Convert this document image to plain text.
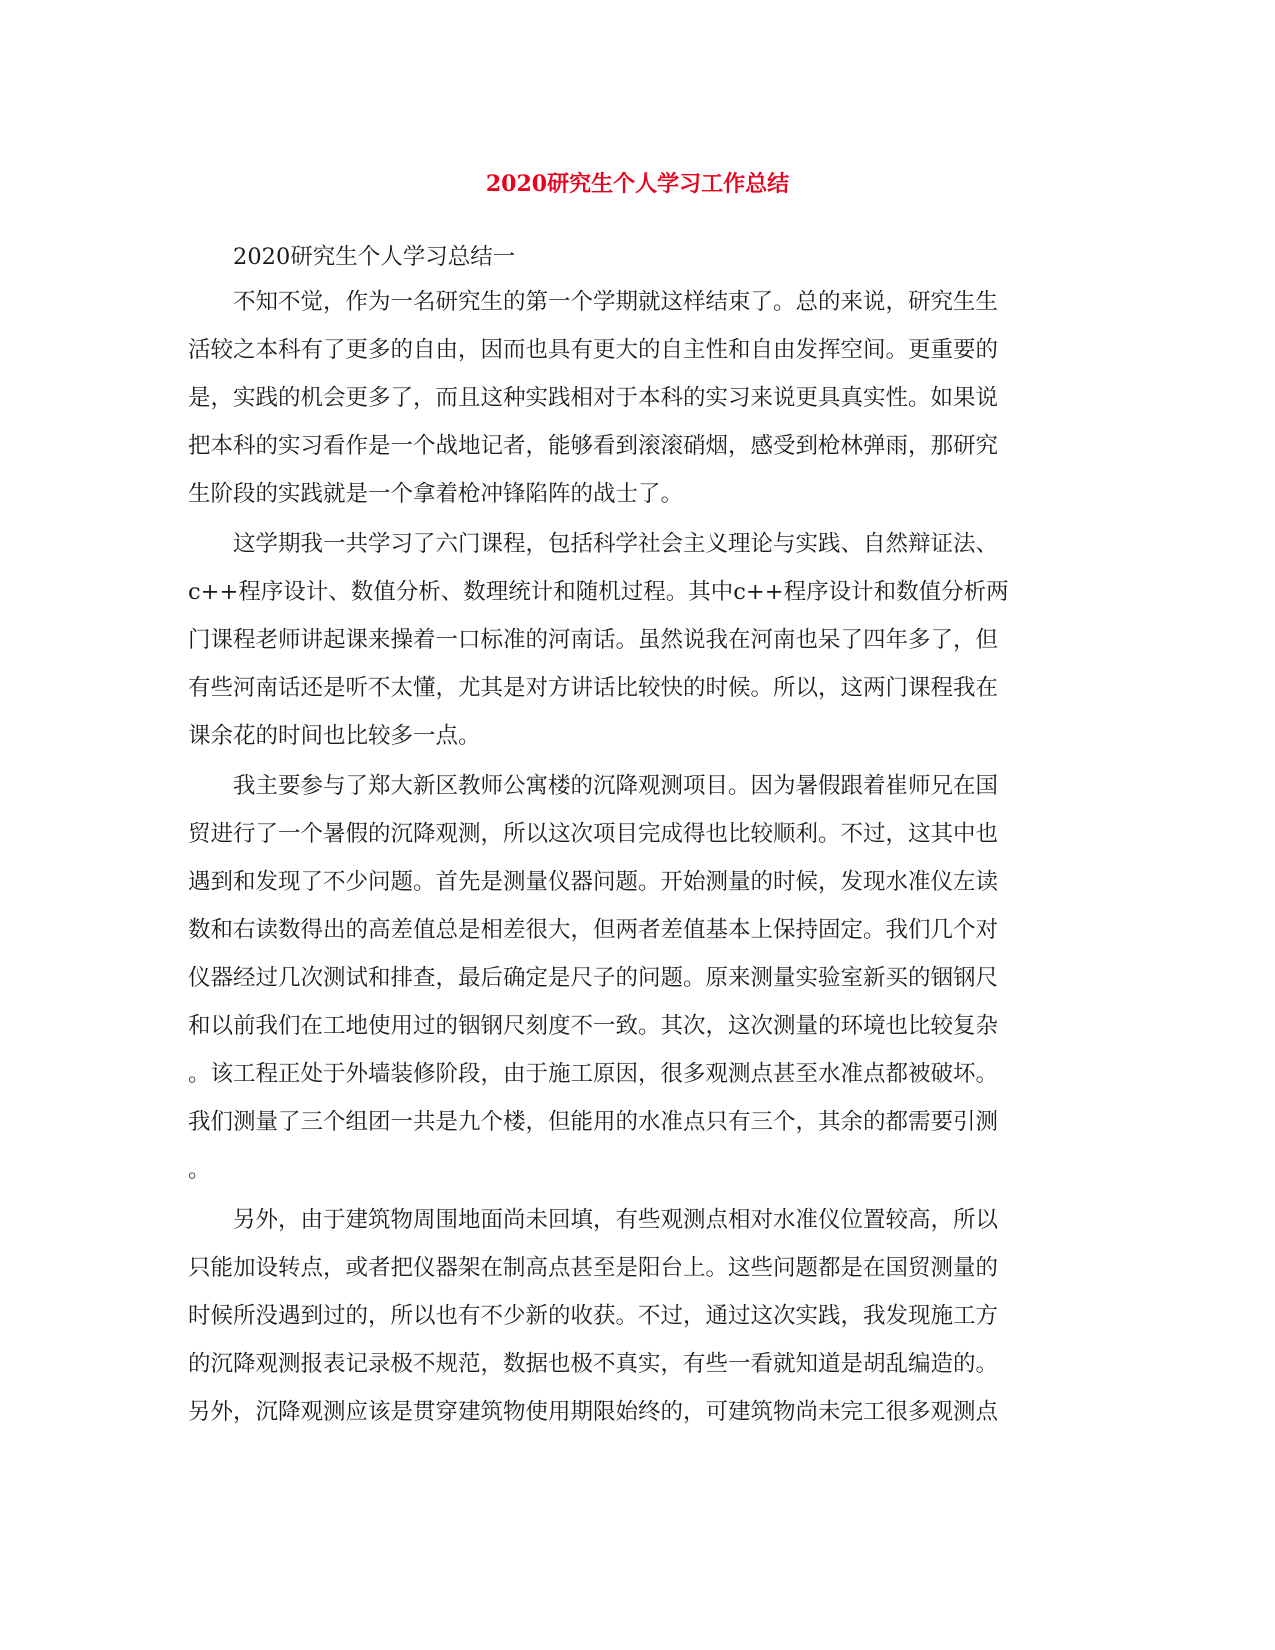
2020研究生个人学习工作总结

2020研究生个人学习总结一

不知不觉，作为一名研究生的第一个学期就这样结束了。总的来说，研究生生
活较之本科有了更多的自由，因而也具有更大的自主性和自由发挥空间。更重要的
是，实践的机会更多了，而且这种实践相对于本科的实习来说更具真实性。如果说
把本科的实习看作是一个战地记者，能够看到滚滚硝烟，感受到枪林弹雨，那研究
生阶段的实践就是一个拿着枪冲锋陷阵的战士了。

这学期我一共学习了六门课程，包括科学社会主义理论与实践、自然辩证法、
c++程序设计、数值分析、数理统计和随机过程。其中c++程序设计和数值分析两
门课程老师讲起课来操着一口标准的河南话。虽然说我在河南也呆了四年多了，但
有些河南话还是听不太懂，尤其是对方讲话比较快的时候。所以，这两门课程我在
课余花的时间也比较多一点。

我主要参与了郑大新区教师公寓楼的沉降观测项目。因为暑假跟着崔师兄在国
贸进行了一个暑假的沉降观测，所以这次项目完成得也比较顺利。不过，这其中也
遇到和发现了不少问题。首先是测量仪器问题。开始测量的时候，发现水准仪左读
数和右读数得出的高差值总是相差很大，但两者差值基本上保持固定。我们几个对
仪器经过几次测试和排查，最后确定是尺子的问题。原来测量实验室新买的铟钢尺
和以前我们在工地使用过的铟钢尺刻度不一致。其次，这次测量的环境也比较复杂
。该工程正处于外墙装修阶段，由于施工原因，很多观测点甚至水准点都被破坏。
我们测量了三个组团一共是九个楼，但能用的水准点只有三个，其余的都需要引测
。

另外，由于建筑物周围地面尚未回填，有些观测点相对水准仪位置较高，所以
只能加设转点，或者把仪器架在制高点甚至是阳台上。这些问题都是在国贸测量的
时候所没遇到过的，所以也有不少新的收获。不过，通过这次实践，我发现施工方
的沉降观测报表记录极不规范，数据也极不真实，有些一看就知道是胡乱编造的。
另外，沉降观测应该是贯穿建筑物使用期限始终的，可建筑物尚未完工很多观测点
